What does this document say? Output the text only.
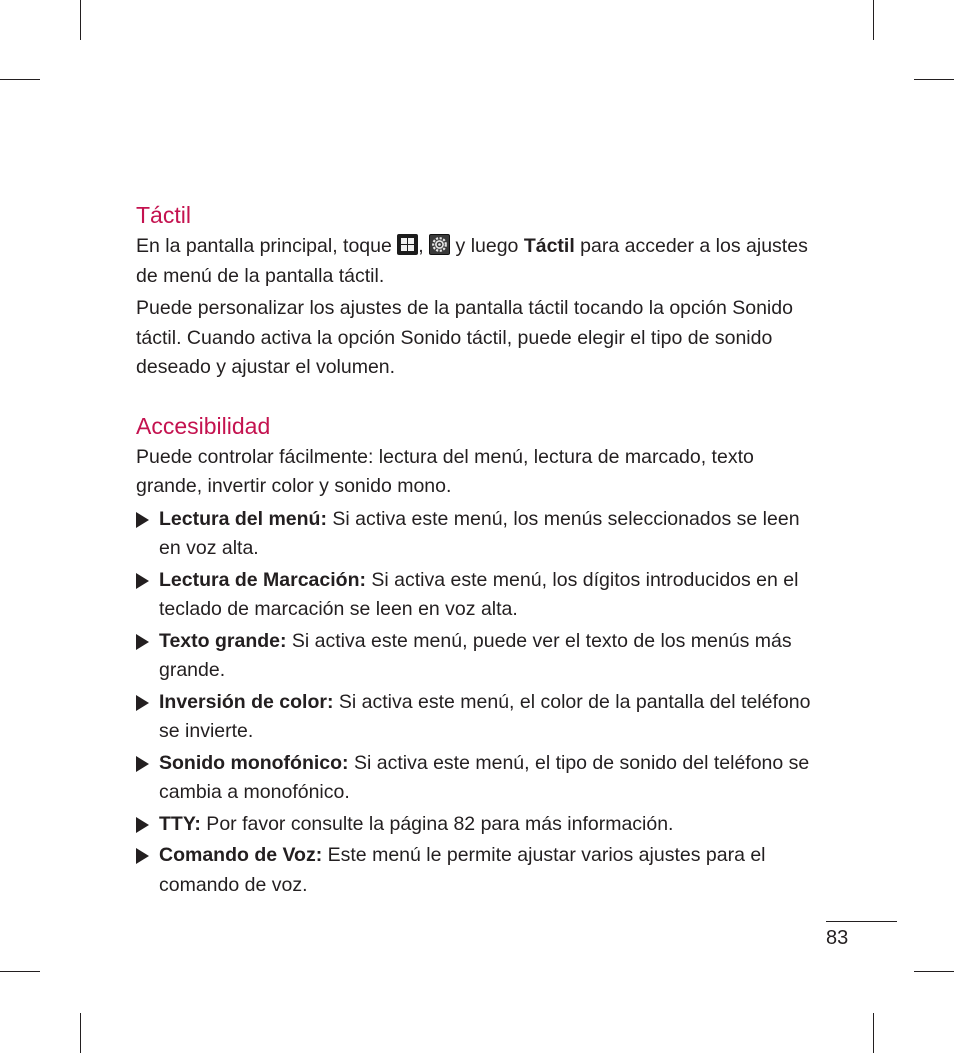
Táctil

En la pantalla principal, toque
,
y luego Táctil para acceder a los ajustes de menú de la pantalla táctil.

Puede personalizar los ajustes de la pantalla táctil tocando la opción Sonido táctil. Cuando activa la opción Sonido táctil, puede elegir el tipo de sonido deseado y ajustar el volumen.

Accesibilidad

Puede controlar fácilmente: lectura del menú, lectura de marcado, texto grande, invertir color y sonido mono.

Lectura del menú: Si activa este menú, los menús seleccionados se leen en voz alta.
Lectura de Marcación: Si activa este menú, los dígitos introducidos en el teclado de marcación se leen en voz alta.
Texto grande: Si activa este menú, puede ver el texto de los menús más grande.
Inversión de color: Si activa este menú, el color de la pantalla del teléfono se invierte.
Sonido monofónico: Si activa este menú, el tipo de sonido del teléfono se cambia a monofónico.
TTY: Por favor consulte la página 82 para más información.
Comando de Voz: Este menú le permite ajustar varios ajustes para el comando de voz.
83
